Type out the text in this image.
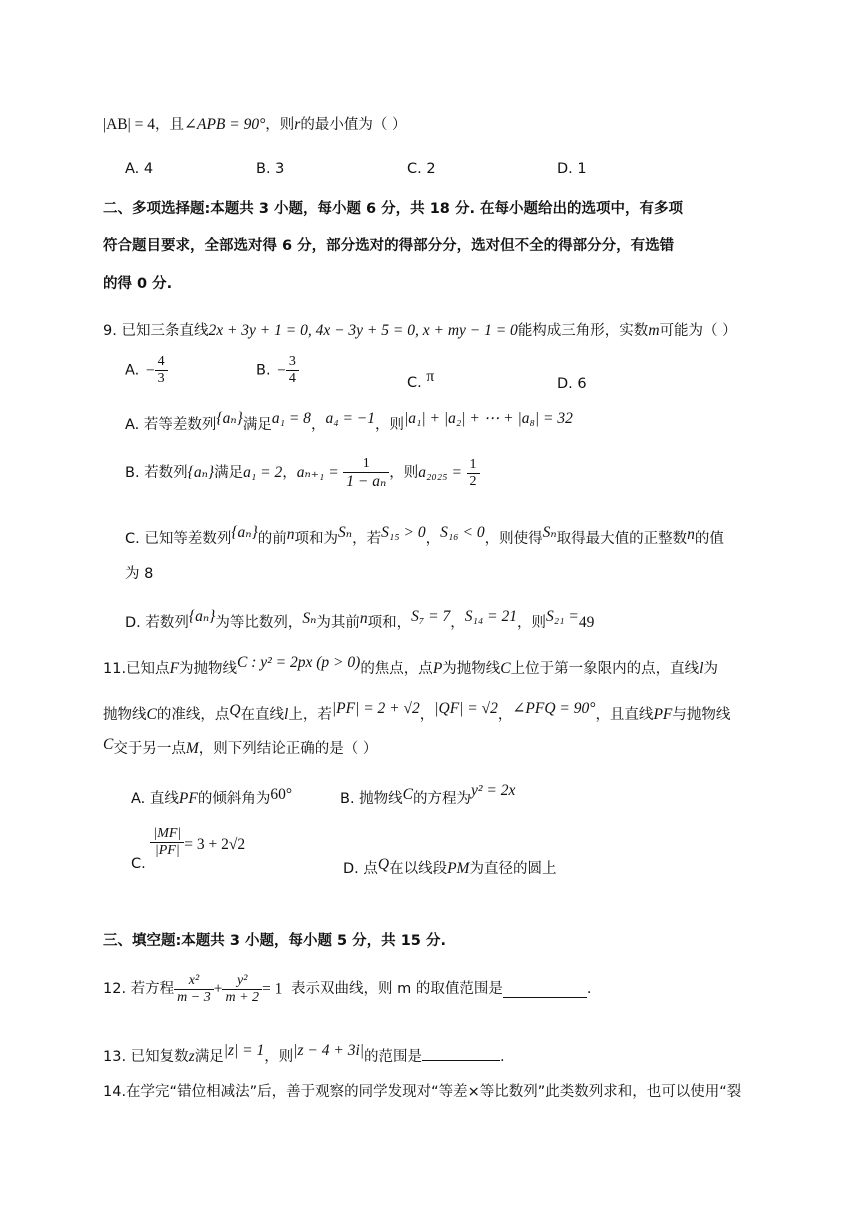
|AB| = 4，且∠APB = 90°，则r的最小值为（ ）
A. 4	B. 3	C. 2	D. 1
二、多项选择题:本题共 3 小题，每小题 6 分，共 18 分. 在每小题给出的选项中，有多项
符合题目要求，全部选对得 6 分，部分选对的得部分分，选对但不全的得部分分，有选错
的得 0 分.
9. 已知三条直线2x + 3y + 1 = 0, 4x − 3y + 5 = 0, x + my − 1 = 0能构成三角形，实数m可能为（ ）
A. − $\frac{4}{3}$	B. − $\frac{3}{4}$	C. π	D. 6
A. 若等差数列{aₙ}满足a₁ = 8，a₄ = −1，则|a₁| + |a₂| + ⋯ + |a₈| = 32
B. 若数列{aₙ}满足a₁ = 2，$a_{n+1} = \frac{1}{\text{1 − aₙ}}$ ，则$a_{2025} = \frac{1}{2}$
C. 已知等差数列{aₙ}的前n项和为Sₙ，若S₁₅ > 0，S₁₆ < 0，则使得Sₙ取得最大值的正整数n的值
为 8
D. 若数列{aₙ}为等比数列，Sₙ为其前n项和，S₇ = 7，S₁₄ = 21，则S₂₁ =49
11.已知点F为抛物线C : y² = 2px (p > 0)的焦点，点P为抛物线C上位于第一象限内的点，直线l为
抛物线C的准线，点Q在直线l上，若|PF| = 2 + √2，|QF| = √2，∠PFQ = 90°，且直线PF与抛物线
C交于另一点M，则下列结论正确的是（ ）
A. 直线PF的倾斜角为60°	B. 抛物线C的方程为y² = 2x
C.
$\frac{|MF|}{|PF|} = 3 + 2√2$
D. 点Q在以线段PM为直径的圆上
三、填空题:本题共 3 小题，每小题 5 分，共 15 分.
12. 若方程 $\frac{\text{x²}}{m - 3} + \frac{\text{y²}}{m + 2} = 1$ 表示双曲线，则 m 的取值范围是	.
13. 已知复数z满足|z| = 1，则|z − 4 + 3i|的范围是	.
14.在学完“错位相减法”后，善于观察的同学发现对“等差×等比数列”此类数列求和，也可以使用“裂
